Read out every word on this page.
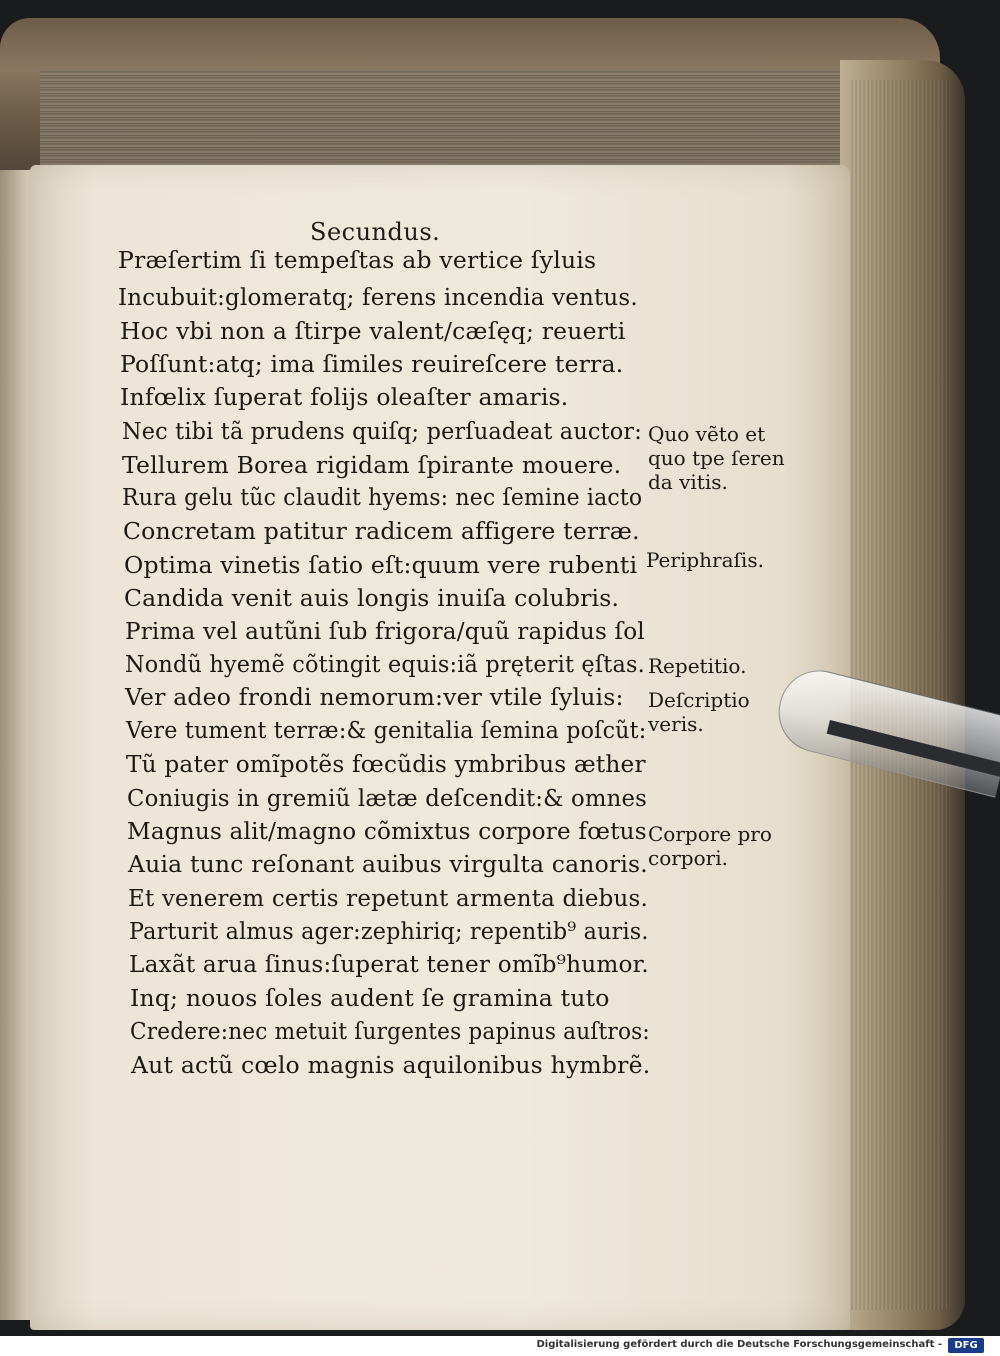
Secundus.
Præſertim ſi tempeſtas ab vertice ſyluis
Incubuit:glomeratq; ferens incendia ventus.
Hoc vbi non a ſtirpe valent/cæſęq; reuerti
Poſſunt:atq; ima ſimiles reuireſcere terra.
Infœlix ſuperat folijs oleaſter amaris.
Nec tibi tã prudens quiſq; perſuadeat auctor:
Tellurem Borea rigidam ſpirante mouere.
Rura gelu tũc claudit hyems: nec ſemine iacto
Concretam patitur radicem affigere terræ.
Optima vinetis ſatio eſt:quum vere rubenti
Candida venit auis longis inuiſa colubris.
Prima vel autũni ſub frigora/quũ rapidus ſol
Nondũ hyemẽ cõtingit equis:iã pręterit ęſtas.
Ver adeo frondi nemorum:ver vtile ſyluis:
Vere tument terræ:& genitalia ſemina poſcũt:
Tũ pater omĩpotẽs fœcũdis ymbribus æther
Coniugis in gremiũ lætæ deſcendit:& omnes
Magnus alit/magno cõmixtus corpore fœtus
Auia tunc reſonant auibus virgulta canoris.
Et venerem certis repetunt armenta diebus.
Parturit almus ager:zephiriq; repentib⁹ auris.
Laxãt arua ſinus:ſuperat tener omĩb⁹humor.
Inq; nouos ſoles audent ſe gramina tuto
Credere:nec metuit ſurgentes papinus auſtros:
Aut actũ cœlo magnis aquilonibus hymbrẽ.
Quo vẽto et
quo tpe ſeren
da vitis.
Periphraſis.
Repetitio.
Deſcriptio
veris.
Corpore pro
corpori.
Digitalisierung gefördert durch die Deutsche Forschungsgemeinschaft -	DFG
